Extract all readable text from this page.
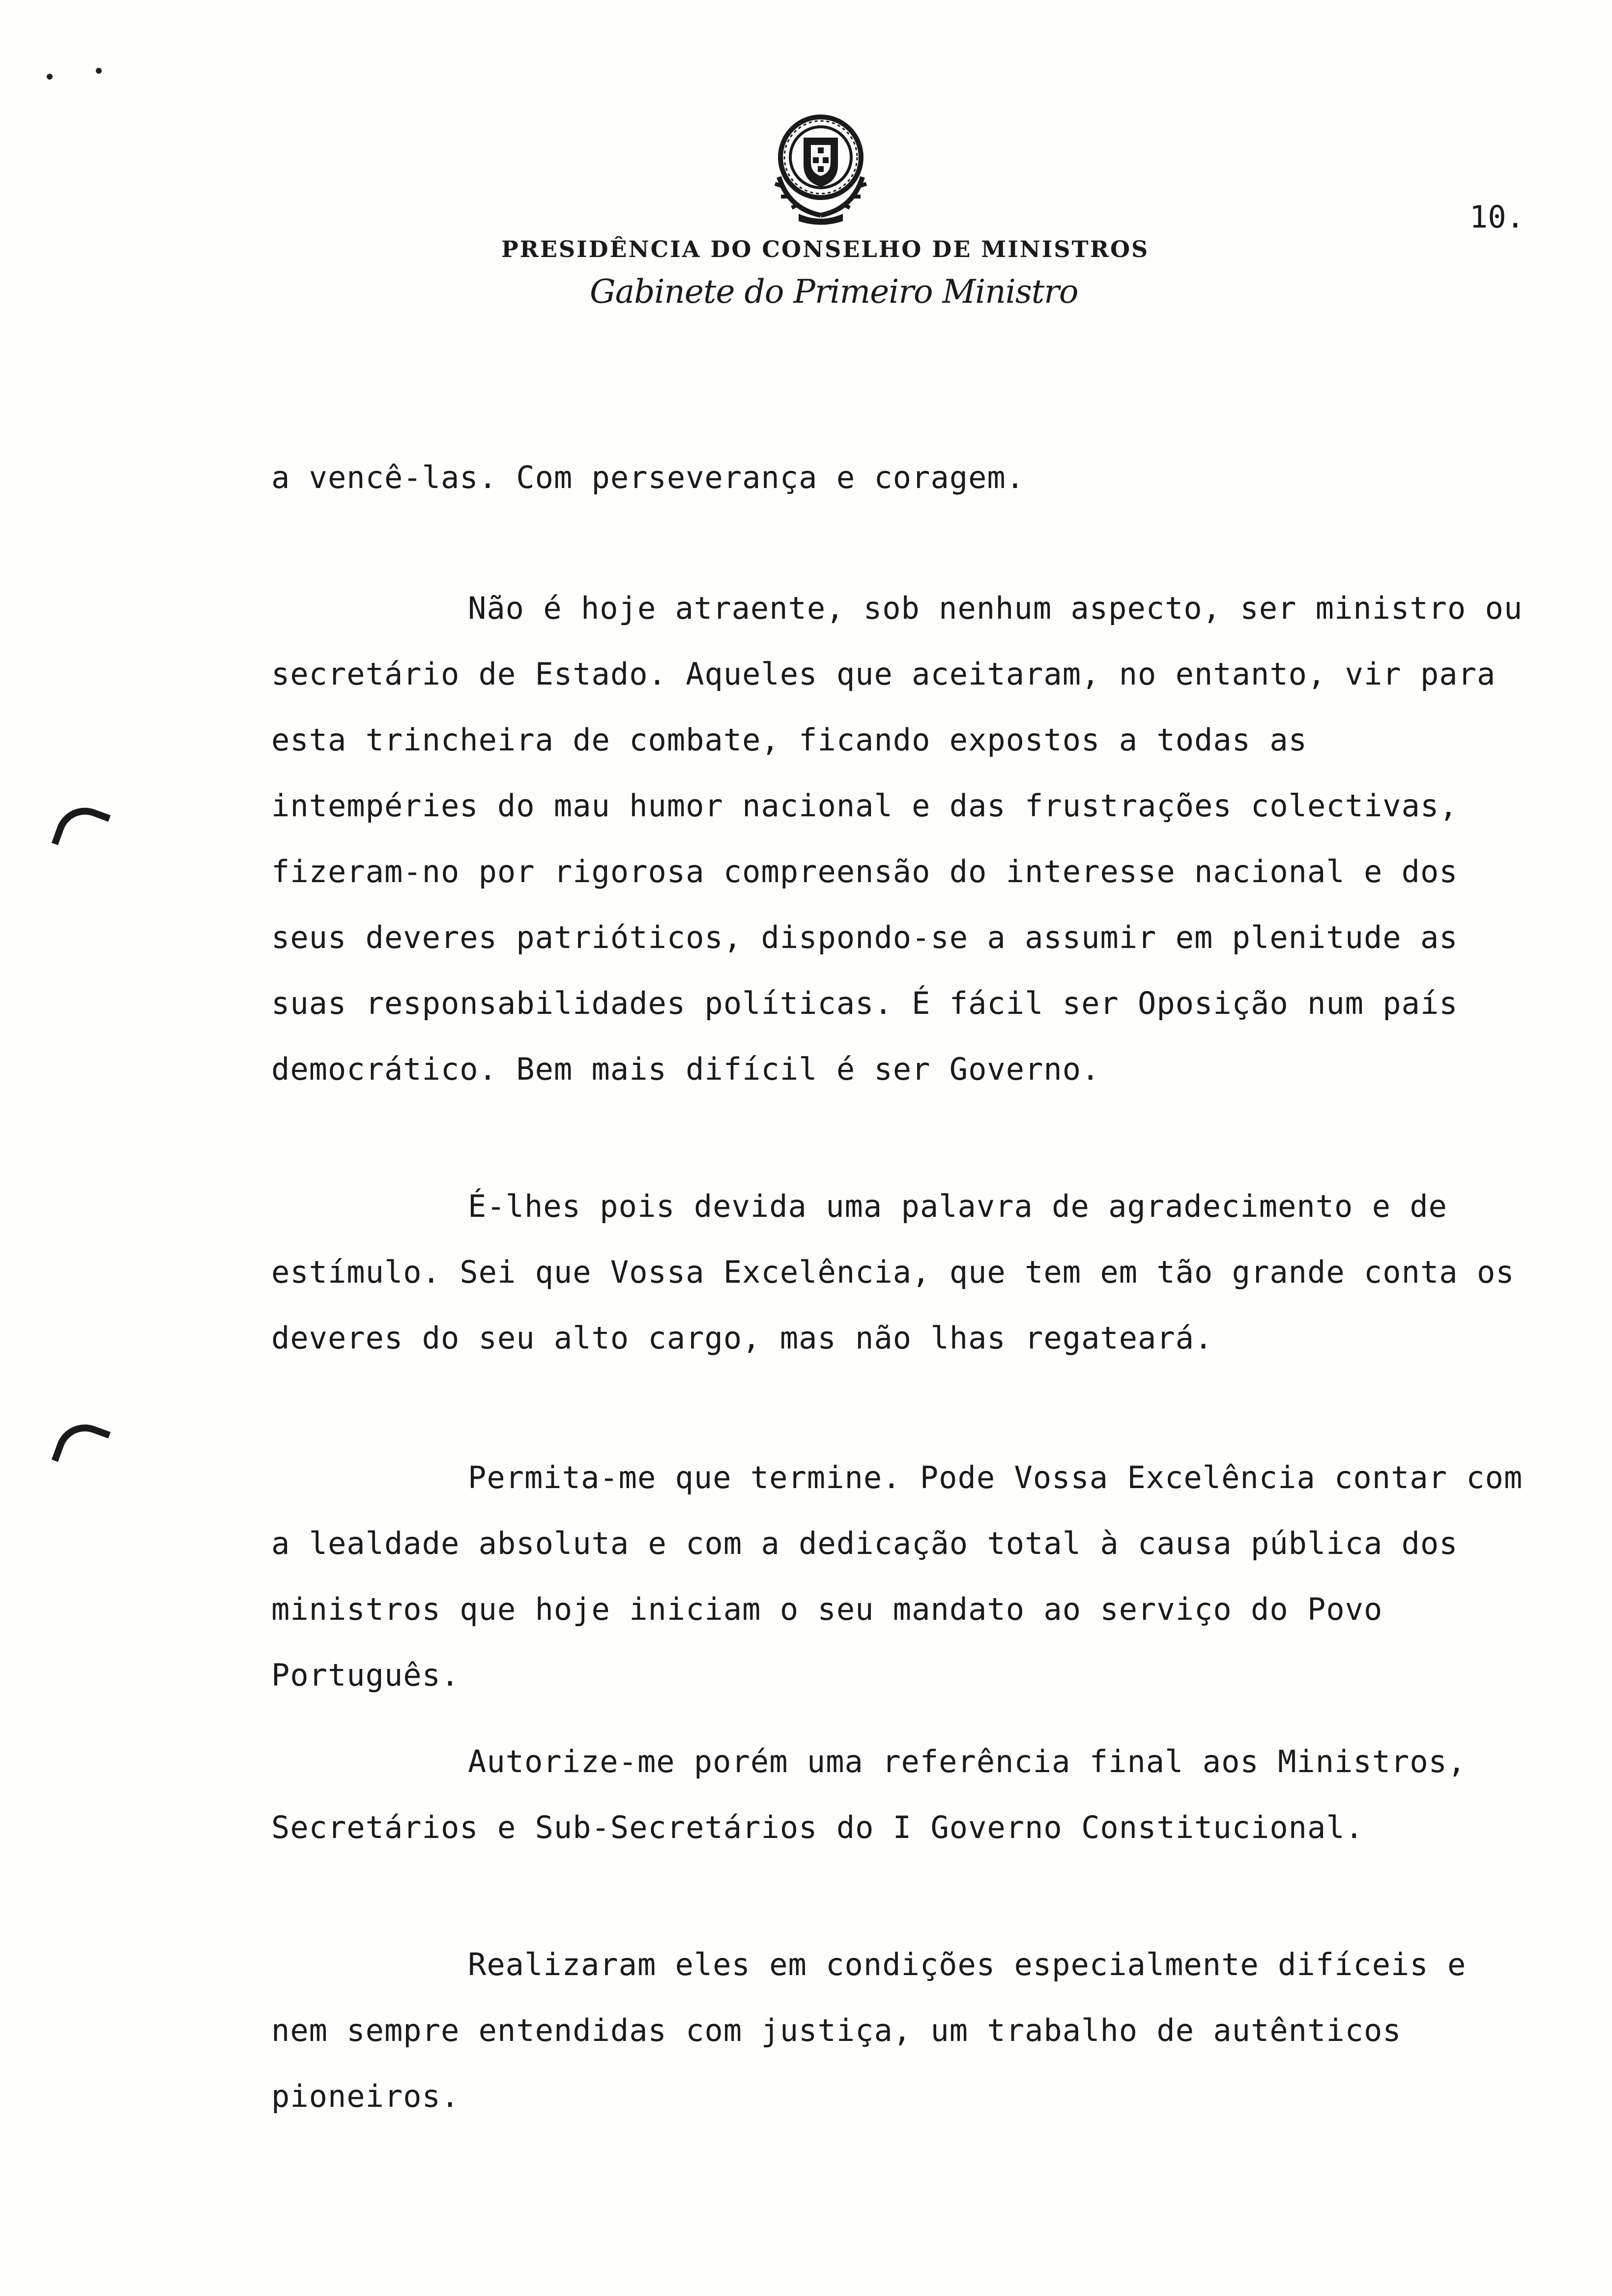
PRESIDÊNCIA DO CONSELHO DE MINISTROS
Gabinete do Primeiro Ministro
10.

a vencê-las. Com perseverança e coragem.

Não é hoje atraente, sob nenhum aspecto, ser ministro ou secretário de Estado. Aqueles que aceitaram, no entanto, vir para esta trincheira de combate, ficando expostos a todas as intempéries do mau humor nacional e das frustrações colectivas, fizeram-no por rigorosa compreensão do interesse nacional e dos seus deveres patrióticos, dispondo-se a assumir em plenitude as suas responsabilidades políticas. É fácil ser Oposição num país democrático. Bem mais difícil é ser Governo.

É-lhes pois devida uma palavra de agradecimento e de estímulo. Sei que Vossa Excelência, que tem em tão grande conta os deveres do seu alto cargo, mas não lhas regateará.

Permita-me que termine. Pode Vossa Excelência contar com a lealdade absoluta e com a dedicação total à causa pública dos ministros que hoje iniciam o seu mandato ao serviço do Povo Português.

Autorize-me porém uma referência final aos Ministros, Secretários e Sub-Secretários do I Governo Constitucional.

Realizaram eles em condições especialmente difíceis e nem sempre entendidas com justiça, um trabalho de autênticos pioneiros.
